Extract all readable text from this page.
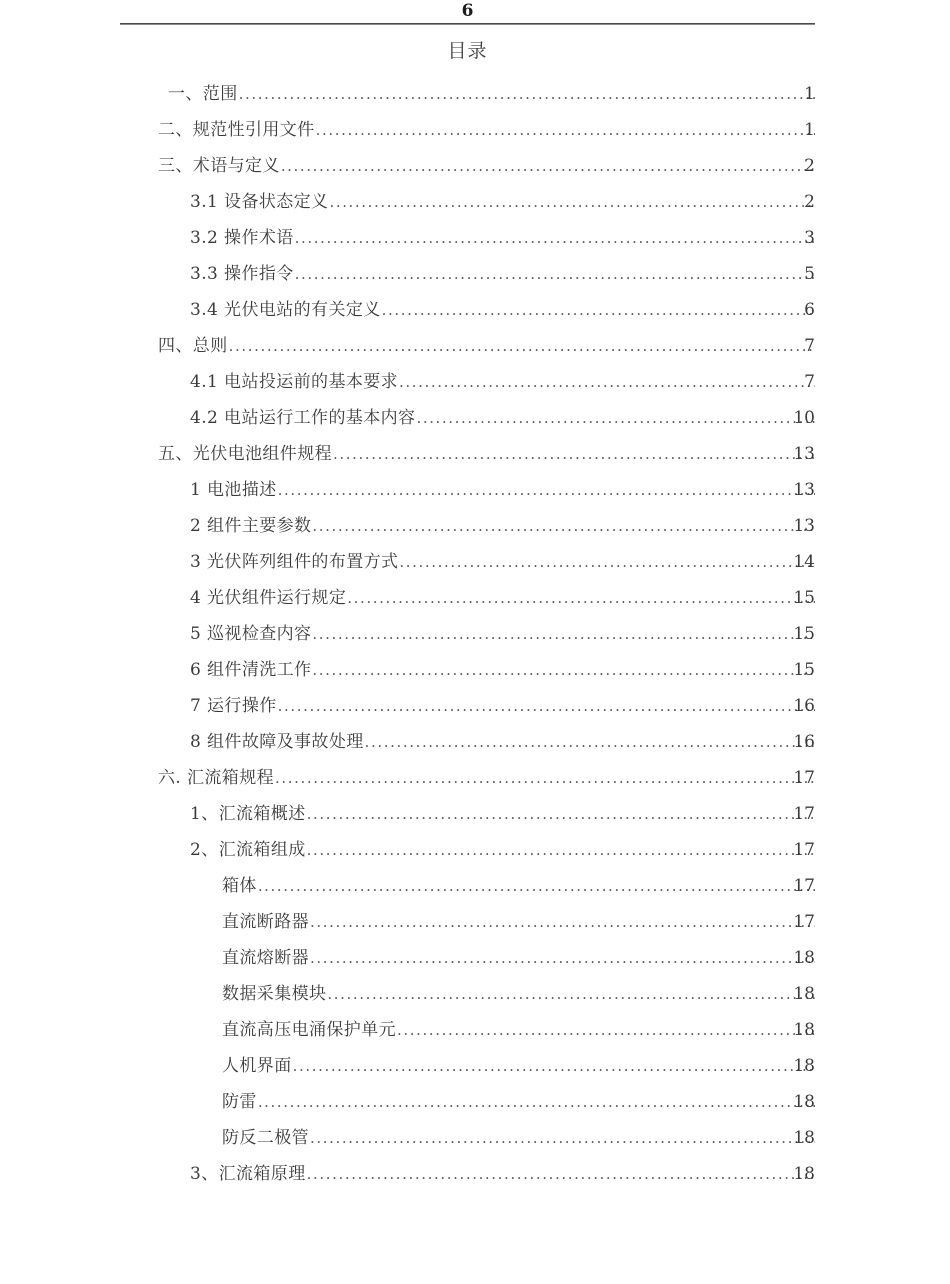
6
目录
一、范围 .....	1
二、规范性引用文件 .....	1
三、术语与定义 .....	2
3.1 设备状态定义 .....	2
3.2 操作术语 .....	3
3.3 操作指令 .....	5
3.4 光伏电站的有关定义 .....	6
四、总则 .....	7
4.1 电站投运前的基本要求 .....	7
4.2 电站运行工作的基本内容 .....	10
五、光伏电池组件规程 .....	13
1 电池描述 .....	13
2 组件主要参数 .....	13
3 光伏阵列组件的布置方式 .....	14
4 光伏组件运行规定 .....	15
5 巡视检查内容 .....	15
6 组件清洗工作 .....	15
7 运行操作 .....	16
8 组件故障及事故处理 .....	16
六. 汇流箱规程 .....	17
1、汇流箱概述 .....	17
2、汇流箱组成 .....	17
箱体 .....	17
直流断路器 .....	17
直流熔断器 .....	18
数据采集模块 .....	18
直流高压电涌保护单元 .....	18
人机界面 .....	18
防雷 .....	18
防反二极管 .....	18
3、汇流箱原理 .....	18
